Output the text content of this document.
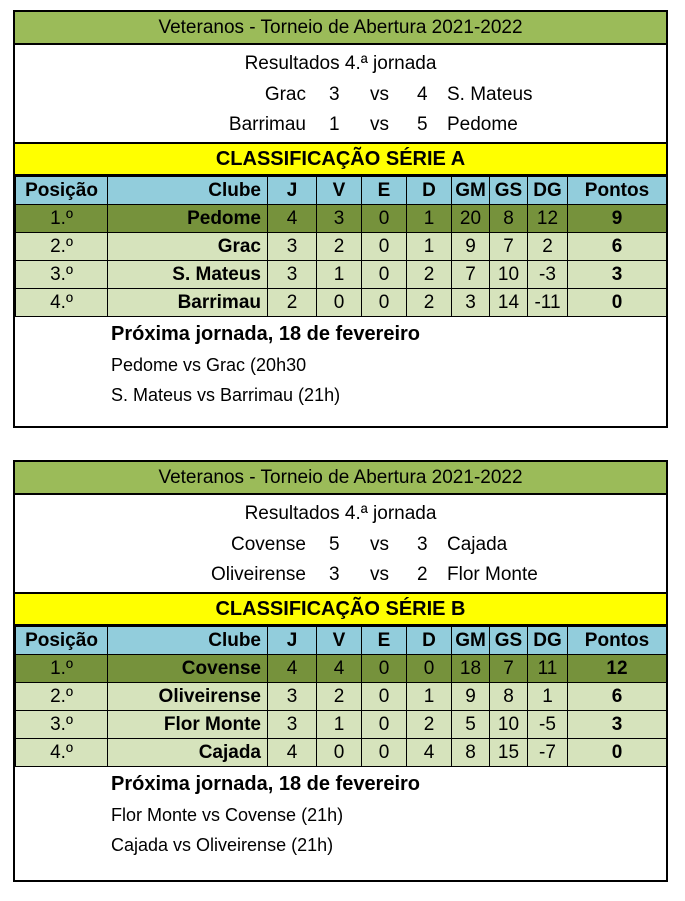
Veteranos - Torneio de Abertura 2021-2022
Resultados 4.ª jornada
Grac 3 vs 4 S. Mateus
Barrimau 1 vs 5 Pedome
CLASSIFICAÇÃO SÉRIE A
Posição	Clube	J	V	E	D	GM	GS	DG	Pontos
1.º	Pedome	4	3	0	1	20	8	12	9
2.º	Grac	3	2	0	1	9	7	2	6
3.º	S. Mateus	3	1	0	2	7	10	-3	3
4.º	Barrimau	2	0	0	2	3	14	-11	0
Próxima jornada, 18 de fevereiro
Pedome vs Grac (20h30
S. Mateus vs Barrimau (21h)
Veteranos - Torneio de Abertura 2021-2022
Resultados 4.ª jornada
Covense 5 vs 3 Cajada
Oliveirense 3 vs 2 Flor Monte
CLASSIFICAÇÃO SÉRIE B
Posição	Clube	J	V	E	D	GM	GS	DG	Pontos
1.º	Covense	4	4	0	0	18	7	11	12
2.º	Oliveirense	3	2	0	1	9	8	1	6
3.º	Flor Monte	3	1	0	2	5	10	-5	3
4.º	Cajada	4	0	0	4	8	15	-7	0
Próxima jornada, 18 de fevereiro
Flor Monte vs Covense (21h)
Cajada vs Oliveirense (21h)
